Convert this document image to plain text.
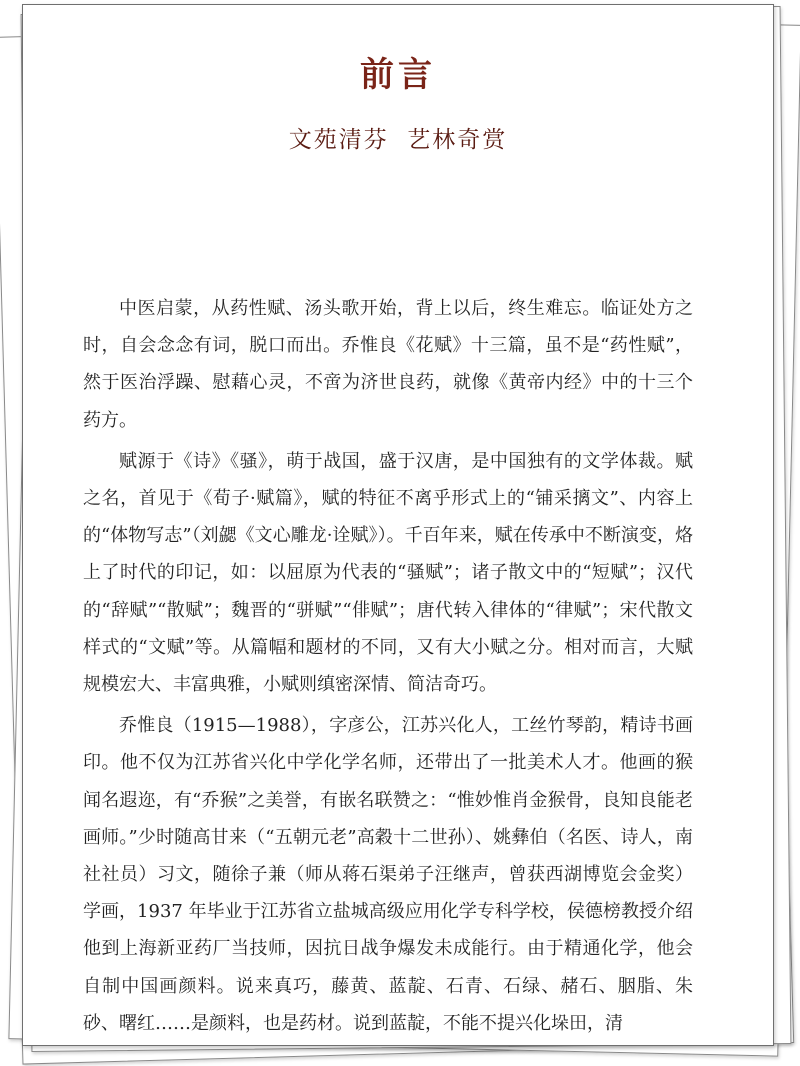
前言
文苑清芬  艺林奇赏

中医启蒙，从药性赋、汤头歌开始，背上以后，终生难忘。临证处方之时，自会念念有词，脱口而出。乔惟良《花赋》十三篇，虽不是“药性赋”，然于医治浮躁、慰藉心灵，不啻为济世良药，就像《黄帝内经》中的十三个药方。

赋源于《诗》《骚》，萌于战国，盛于汉唐，是中国独有的文学体裁。赋之名，首见于《荀子·赋篇》，赋的特征不离乎形式上的“铺采摛文”、内容上的“体物写志”（刘勰《文心雕龙·诠赋》）。千百年来，赋在传承中不断演变，烙上了时代的印记，如：以屈原为代表的“骚赋”；诸子散文中的“短赋”；汉代的“辞赋”“散赋”；魏晋的“骈赋”“俳赋”；唐代转入律体的“律赋”；宋代散文样式的“文赋”等。从篇幅和题材的不同，又有大小赋之分。相对而言，大赋规模宏大、丰富典雅，小赋则缜密深情、简洁奇巧。

乔惟良（1915—1988），字彦公，江苏兴化人，工丝竹琴韵，精诗书画印。他不仅为江苏省兴化中学化学名师，还带出了一批美术人才。他画的猴闻名遐迩，有“乔猴”之美誉，有嵌名联赞之：“惟妙惟肖金猴骨，良知良能老画师。”少时随高甘来（“五朝元老”高穀十二世孙）、姚彝伯（名医、诗人，南社社员）习文，随徐子兼（师从蒋石渠弟子汪继声，曾获西湖博览会金奖）学画，1937 年毕业于江苏省立盐城高级应用化学专科学校，侯德榜教授介绍他到上海新亚药厂当技师，因抗日战争爆发未成能行。由于精通化学，他会自制中国画颜料。说来真巧，藤黄、蓝靛、石青、石绿、赭石、胭脂、朱砂、曙红……是颜料，也是药材。说到蓝靛，不能不提兴化垛田，清
